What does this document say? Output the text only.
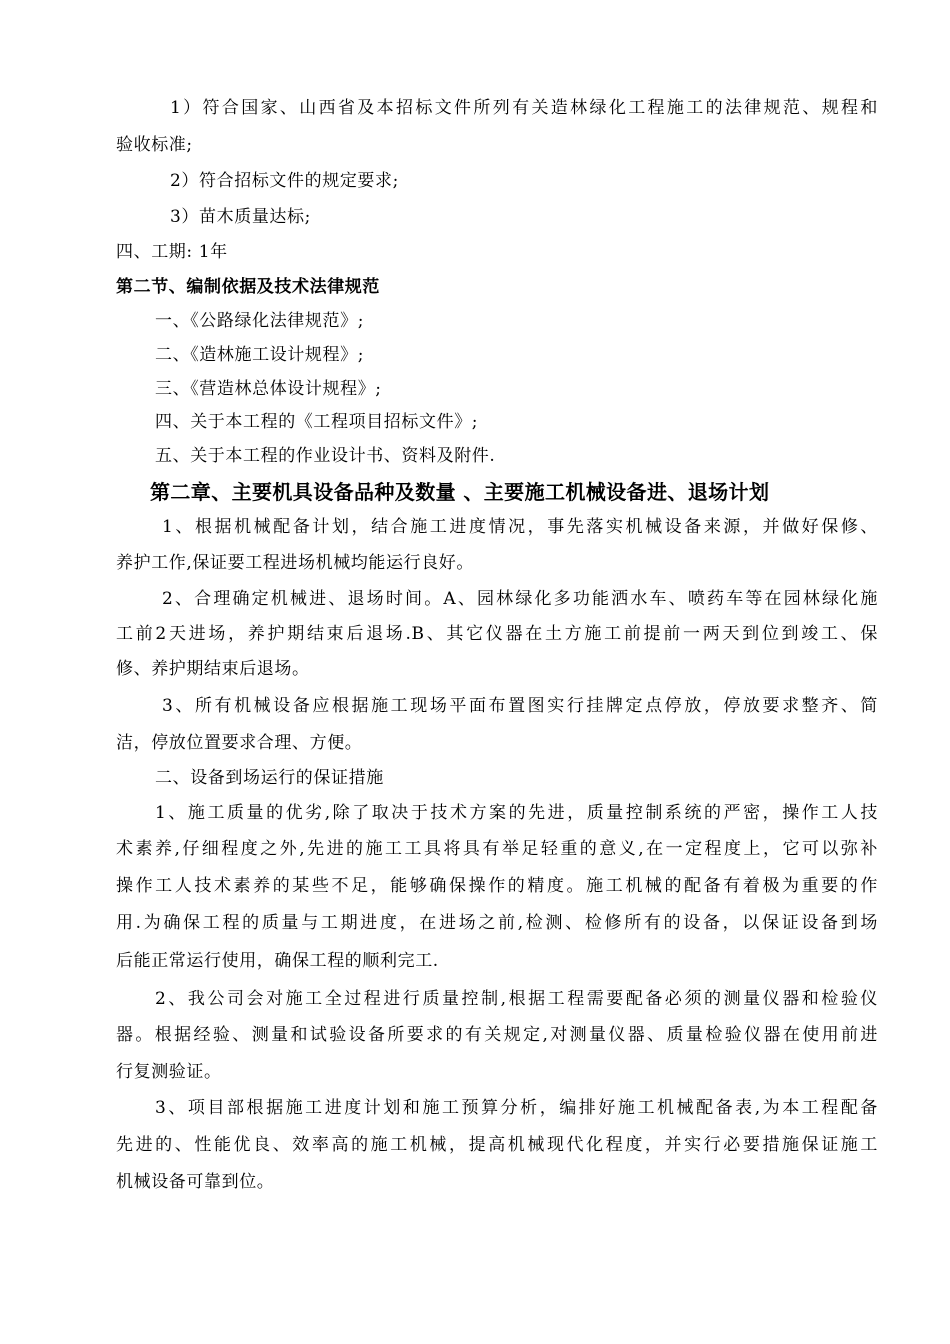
1）符合国家、山西省及本招标文件所列有关造林绿化工程施工的法律规范、规程和
验收标准;
2）符合招标文件的规定要求;
3）苗木质量达标;
四、工期: 1年
第二节、编制依据及技术法律规范
一、《公路绿化法律规范》;
二、《造林施工设计规程》;
三、《营造林总体设计规程》;
四、关于本工程的《工程项目招标文件》;
五、关于本工程的作业设计书、资料及附件.
第二章、主要机具设备品种及数量 、主要施工机械设备进、退场计划
1、根据机械配备计划，结合施工进度情况，事先落实机械设备来源，并做好保修、
养护工作,保证要工程进场机械均能运行良好。
2、合理确定机械进、退场时间。A、园林绿化多功能洒水车、喷药车等在园林绿化施
工前2天进场，养护期结束后退场.B、其它仪器在土方施工前提前一两天到位到竣工、保
修、养护期结束后退场。
3、所有机械设备应根据施工现场平面布置图实行挂牌定点停放，停放要求整齐、简
洁，停放位置要求合理、方便。
二、设备到场运行的保证措施
1、施工质量的优劣,除了取决于技术方案的先进，质量控制系统的严密，操作工人技
术素养,仔细程度之外,先进的施工工具将具有举足轻重的意义,在一定程度上，它可以弥补
操作工人技术素养的某些不足，能够确保操作的精度。施工机械的配备有着极为重要的作
用.为确保工程的质量与工期进度，在进场之前,检测、检修所有的设备，以保证设备到场
后能正常运行使用，确保工程的顺利完工.
2、我公司会对施工全过程进行质量控制,根据工程需要配备必须的测量仪器和检验仪
器。根据经验、测量和试验设备所要求的有关规定,对测量仪器、质量检验仪器在使用前进
行复测验证。
3、项目部根据施工进度计划和施工预算分析，编排好施工机械配备表,为本工程配备
先进的、性能优良、效率高的施工机械，提高机械现代化程度，并实行必要措施保证施工
机械设备可靠到位。
